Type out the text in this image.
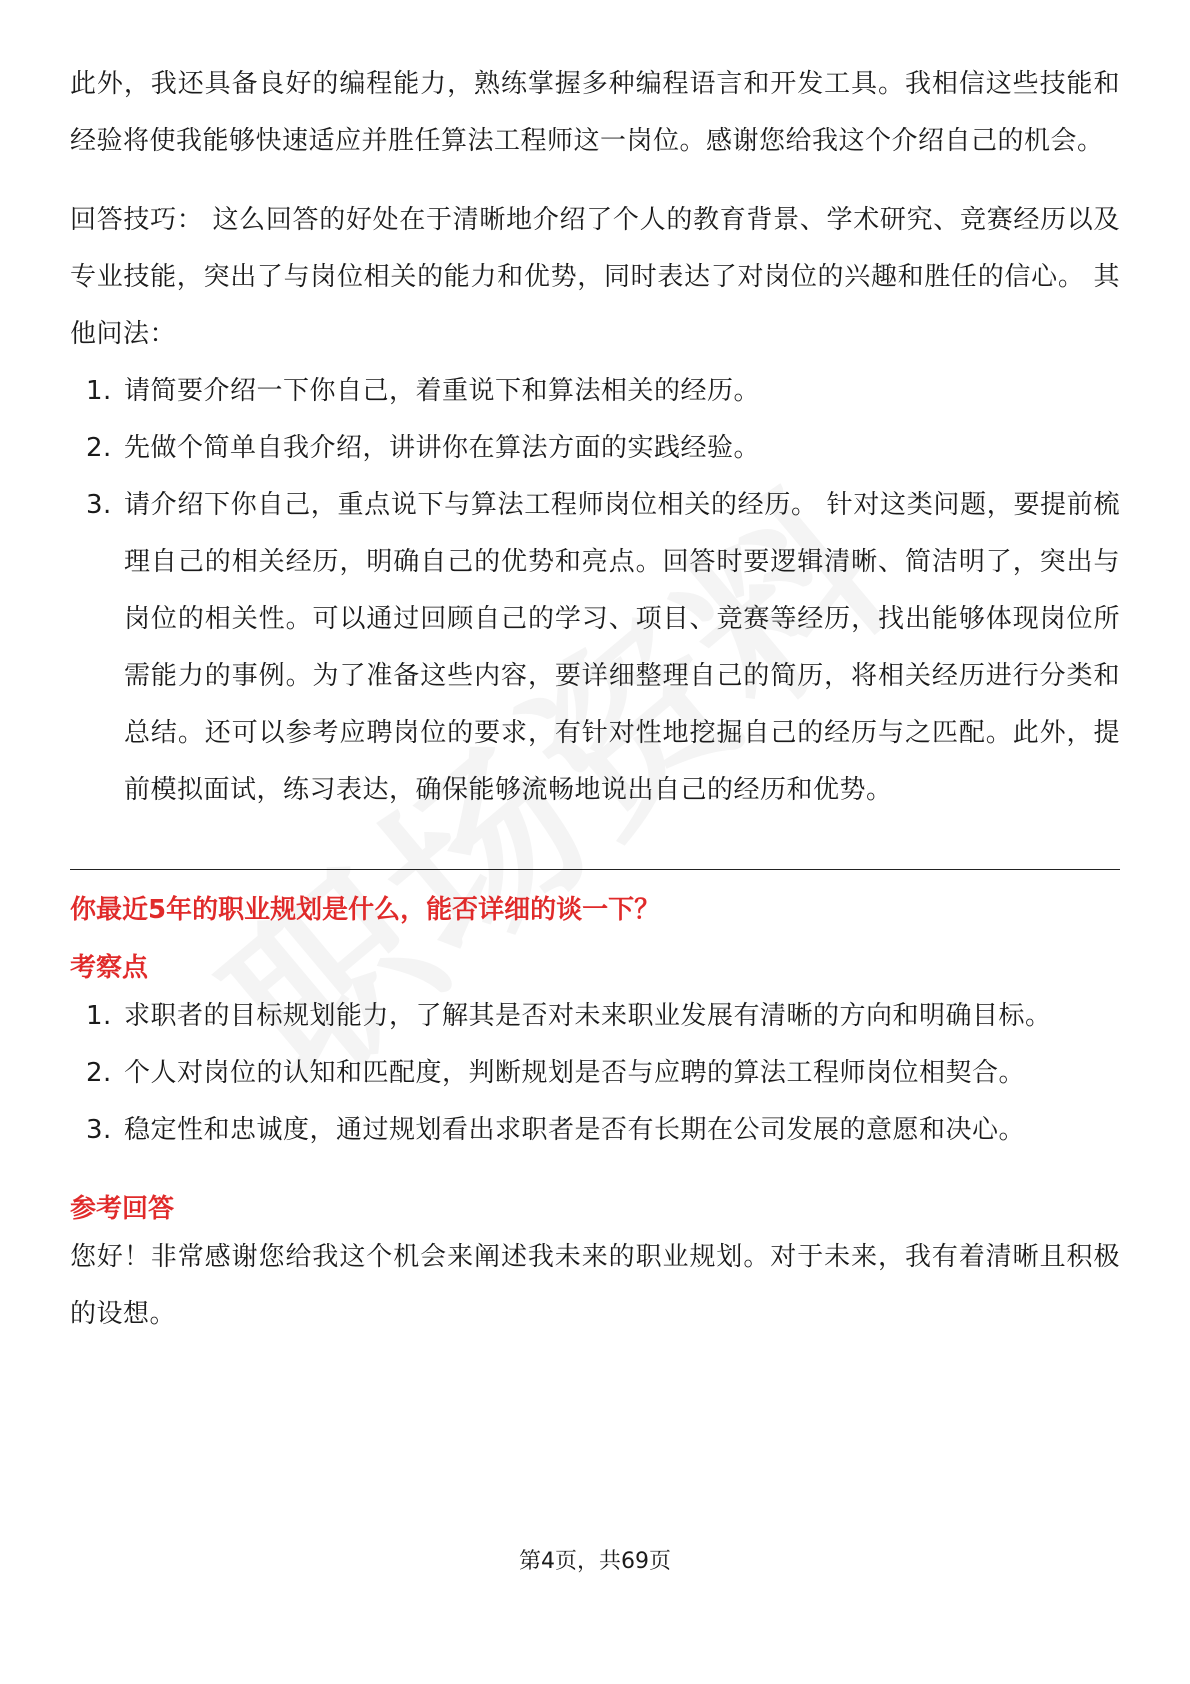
此外，我还具备良好的编程能力，熟练掌握多种编程语言和开发工具。我相信这些技能和经验将使我能够快速适应并胜任算法工程师这一岗位。感谢您给我这个介绍自己的机会。

回答技巧： 这么回答的好处在于清晰地介绍了个人的教育背景、学术研究、竞赛经历以及专业技能，突出了与岗位相关的能力和优势，同时表达了对岗位的兴趣和胜任的信心。 其他问法：

1. 请简要介绍一下你自己，着重说下和算法相关的经历。
2. 先做个简单自我介绍，讲讲你在算法方面的实践经验。
3. 请介绍下你自己，重点说下与算法工程师岗位相关的经历。 针对这类问题，要提前梳理自己的相关经历，明确自己的优势和亮点。回答时要逻辑清晰、简洁明了，突出与岗位的相关性。可以通过回顾自己的学习、项目、竞赛等经历，找出能够体现岗位所需能力的事例。为了准备这些内容，要详细整理自己的简历，将相关经历进行分类和总结。还可以参考应聘岗位的要求，有针对性地挖掘自己的经历与之匹配。此外，提前模拟面试，练习表达，确保能够流畅地说出自己的经历和优势。
你最近5年的职业规划是什么，能否详细的谈一下？
考察点
1. 求职者的目标规划能力，了解其是否对未来职业发展有清晰的方向和明确目标。
2. 个人对岗位的认知和匹配度，判断规划是否与应聘的算法工程师岗位相契合。
3. 稳定性和忠诚度，通过规划看出求职者是否有长期在公司发展的意愿和决心。
参考回答

您好！非常感谢您给我这个机会来阐述我未来的职业规划。对于未来，我有着清晰且积极的设想。

第4页，共69页
